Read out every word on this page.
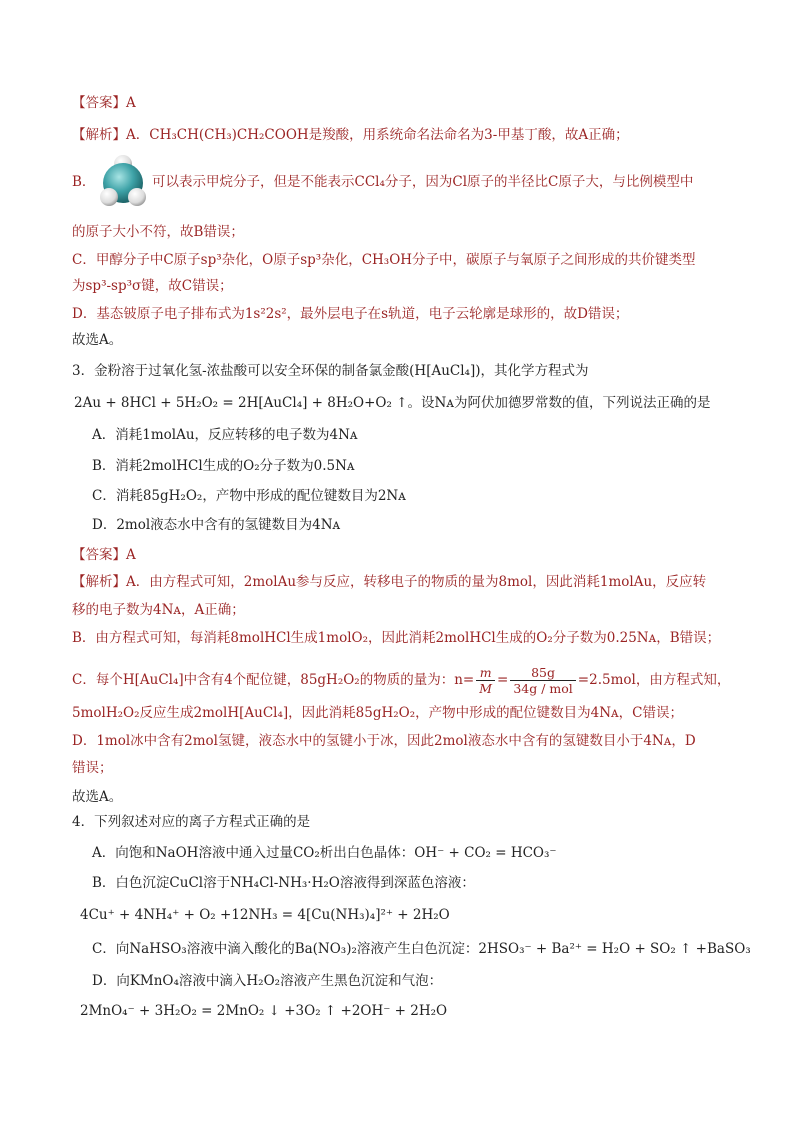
【答案】A
【解析】A．CH₃CH(CH₃)CH₂COOH是羧酸，用系统命名法命名为3-甲基丁酸，故A正确；
B．	可以表示甲烷分子，但是不能表示CCl₄分子，因为Cl原子的半径比C原子大，与比例模型中
的原子大小不符，故B错误；
C．甲醇分子中C原子sp³杂化，O原子sp³杂化，CH₃OH分子中，碳原子与氧原子之间形成的共价键类型
为sp³-sp³σ键，故C错误；
D．基态铍原子电子排布式为1s²2s²，最外层电子在s轨道，电子云轮廓是球形的，故D错误；
故选A。
3．金粉溶于过氧化氢-浓盐酸可以安全环保的制备氯金酸(H[AuCl₄])，其化学方程式为
2Au + 8HCl + 5H₂O₂ = 2H[AuCl₄] + 8H₂O+O₂ ↑。设Nᴀ为阿伏加德罗常数的值，下列说法正确的是
A．消耗1molAu，反应转移的电子数为4Nᴀ
B．消耗2molHCl生成的O₂分子数为0.5Nᴀ
C．消耗85gH₂O₂，产物中形成的配位键数目为2Nᴀ
D．2mol液态水中含有的氢键数目为4Nᴀ
【答案】A
【解析】A．由方程式可知，2molAu参与反应，转移电子的物质的量为8mol，因此消耗1molAu，反应转
移的电子数为4Nᴀ，A正确；
B．由方程式可知，每消耗8molHCl生成1molO₂，因此消耗2molHCl生成的O₂分子数为0.25Nᴀ，B错误；
C．每个H[AuCl₄]中含有4个配位键，85gH₂O₂的物质的量为：$n= \frac{m}{M} = \frac{85g}{\text{34g / mol}} =2.5mol$，由方程式知，
5molH₂O₂反应生成2molH[AuCl₄]，因此消耗85gH₂O₂，产物中形成的配位键数目为4Nᴀ，C错误；
D．1mol冰中含有2mol氢键，液态水中的氢键小于冰，因此2mol液态水中含有的氢键数目小于4Nᴀ，D
错误；
故选A。
4．下列叙述对应的离子方程式正确的是
A．向饱和NaOH溶液中通入过量CO₂析出白色晶体：OH⁻ + CO₂ = HCO₃⁻
B．白色沉淀CuCl溶于NH₄Cl-NH₃·H₂O溶液得到深蓝色溶液：
4Cu⁺ + 4NH₄⁺ + O₂ +12NH₃ = 4[Cu(NH₃)₄]²⁺ + 2H₂O
C．向NaHSO₃溶液中滴入酸化的Ba(NO₃)₂溶液产生白色沉淀：2HSO₃⁻ + Ba²⁺ = H₂O + SO₂ ↑ +BaSO₃
D．向KMnO₄溶液中滴入H₂O₂溶液产生黑色沉淀和气泡：
2MnO₄⁻ + 3H₂O₂ = 2MnO₂ ↓ +3O₂ ↑ +2OH⁻ + 2H₂O
